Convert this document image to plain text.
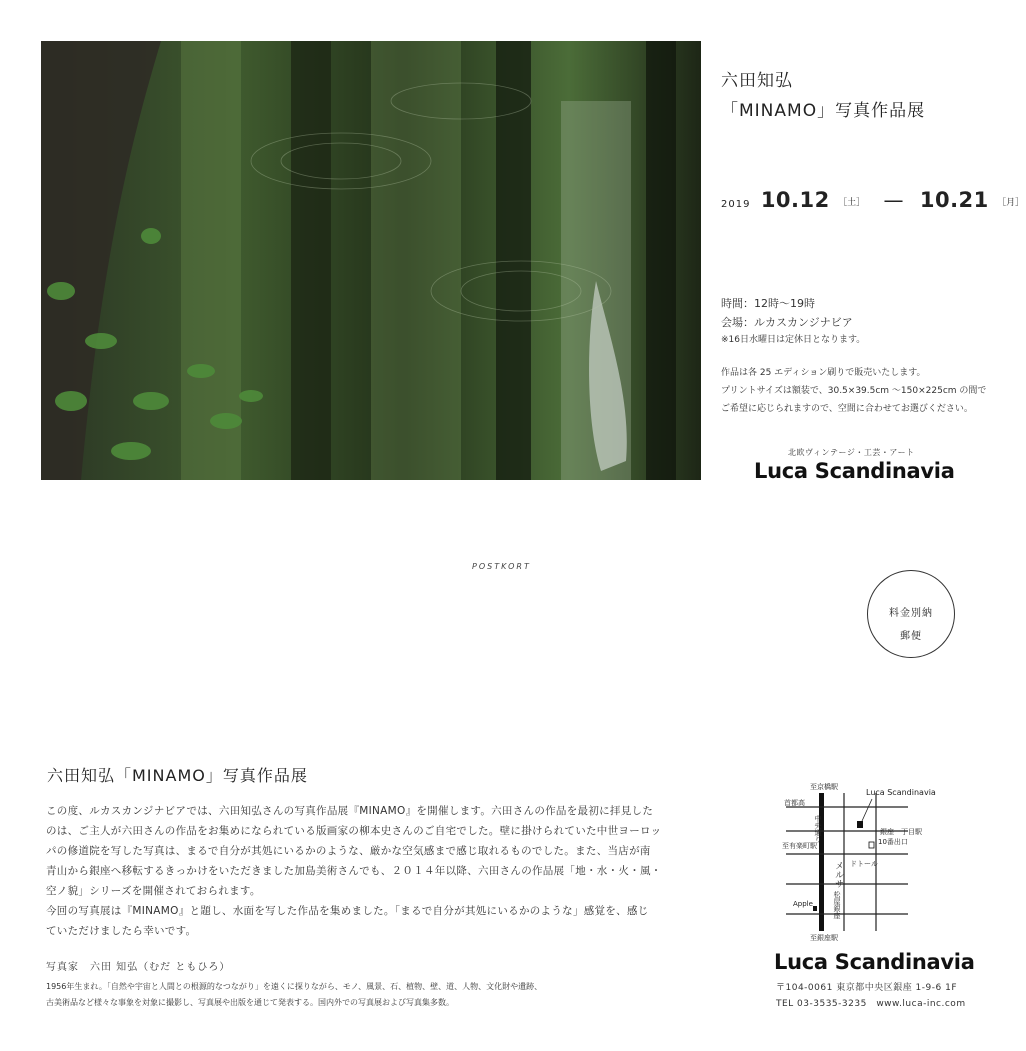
六田知弘
「MINAMO」写真作品展
2019 10.12 ［土］ — 10.21 ［月］
時間：12時〜19時
会場：ルカスカンジナビア
※16日水曜日は定休日となります。
作品は各 25 エディション刷りで販売いたします。
プリントサイズは額装で、30.5×39.5cm 〜150×225cm の間で
ご希望に応じられますので、空間に合わせてお選びください。
北欧ヴィンテージ・工芸・アート
Luca Scandinavia
POSTKORT
料金別納
郵便
六田知弘「MINAMO」写真作品展
この度、ルカスカンジナビアでは、六田知弘さんの写真作品展『MINAMO』を開催します。六田さんの作品を最初に拝見した
のは、ご主人が六田さんの作品をお集めになられている版画家の柳本史さんのご自宅でした。壁に掛けられていた中世ヨーロッ
パの修道院を写した写真は、まるで自分が其処にいるかのような、厳かな空気感まで感じ取れるものでした。また、当店が南
青山から銀座へ移転するきっかけをいただきました加島美術さんでも、２０１４年以降、六田さんの作品展「地・水・火・風・
空ノ貌」シリーズを開催されておられます。
今回の写真展は『MINAMO』と題し、水面を写した作品を集めました。「まるで自分が其処にいるかのような」感覚を、感じ
ていただけましたら幸いです。
写真家　六田 知弘（むだ ともひろ）
1956年生まれ。「自然や宇宙と人間との根源的なつながり」を遠くに探りながら、モノ、風景、石、植物、壁、道、人物、文化財や遺跡、
古美術品など様々な事象を対象に撮影し、写真展や出版を通じて発表する。国内外での写真展および写真集多数。
至京橋駅
首都高
Luca Scandinavia
中央通り	銀座一丁目駅
10番出口
至有楽町駅
ドトール
メルサ
Apple	松屋銀座
至銀座駅
Luca Scandinavia
〒104-0061 東京都中央区銀座 1-9-6 1F
TEL 03-3535-3235　www.luca-inc.com
